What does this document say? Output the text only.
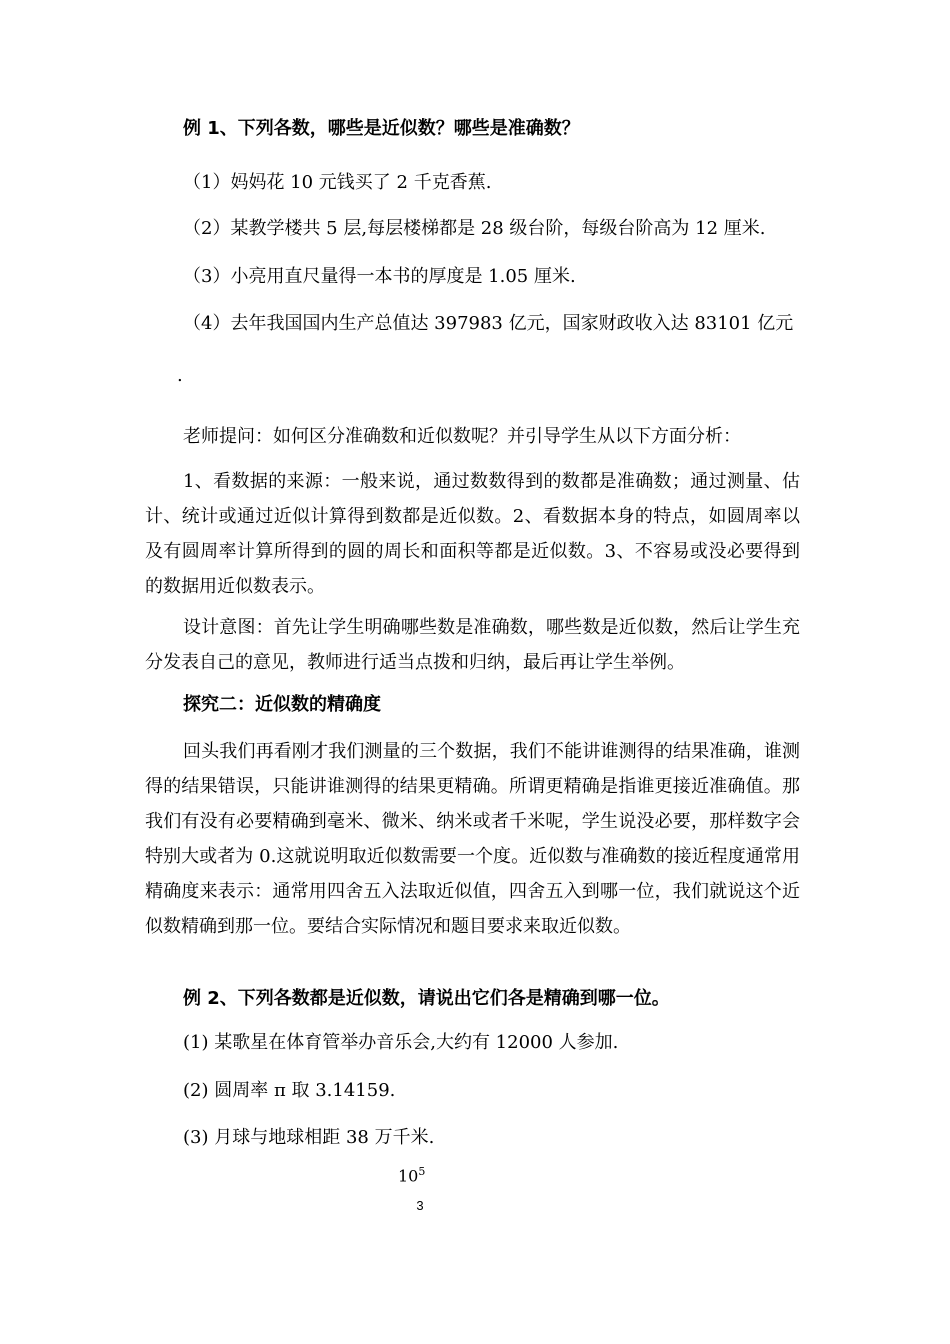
例 1、下列各数，哪些是近似数？哪些是准确数？
（1）妈妈花 10 元钱买了 2 千克香蕉.
（2）某教学楼共 5 层,每层楼梯都是 28 级台阶，每级台阶高为 12 厘米.
（3）小亮用直尺量得一本书的厚度是 1.05 厘米.
（4）去年我国国内生产总值达 397983 亿元，国家财政收入达 83101 亿元
.
老师提问：如何区分准确数和近似数呢？并引导学生从以下方面分析：
1、看数据的来源：一般来说，通过数数得到的数都是准确数；通过测量、估计、统计或通过近似计算得到数都是近似数。2、看数据本身的特点，如圆周率以及有圆周率计算所得到的圆的周长和面积等都是近似数。3、不容易或没必要得到的数据用近似数表示。
设计意图：首先让学生明确哪些数是准确数，哪些数是近似数，然后让学生充分发表自己的意见，教师进行适当点拨和归纳，最后再让学生举例。
探究二：近似数的精确度
回头我们再看刚才我们测量的三个数据，我们不能讲谁测得的结果准确，谁测得的结果错误，只能讲谁测得的结果更精确。所谓更精确是指谁更接近准确值。那我们有没有必要精确到毫米、微米、纳米或者千米呢，学生说没必要，那样数字会特别大或者为 0.这就说明取近似数需要一个度。近似数与准确数的接近程度通常用精确度来表示：通常用四舍五入法取近似值，四舍五入到哪一位，我们就说这个近似数精确到那一位。要结合实际情况和题目要求来取近似数。
例 2、下列各数都是近似数，请说出它们各是精确到哪一位。
(1) 某歌星在体育管举办音乐会,大约有 12000 人参加.
(2) 圆周率 π 取 3.14159.
(3) 月球与地球相距 38 万千米.
$10^5$
3
